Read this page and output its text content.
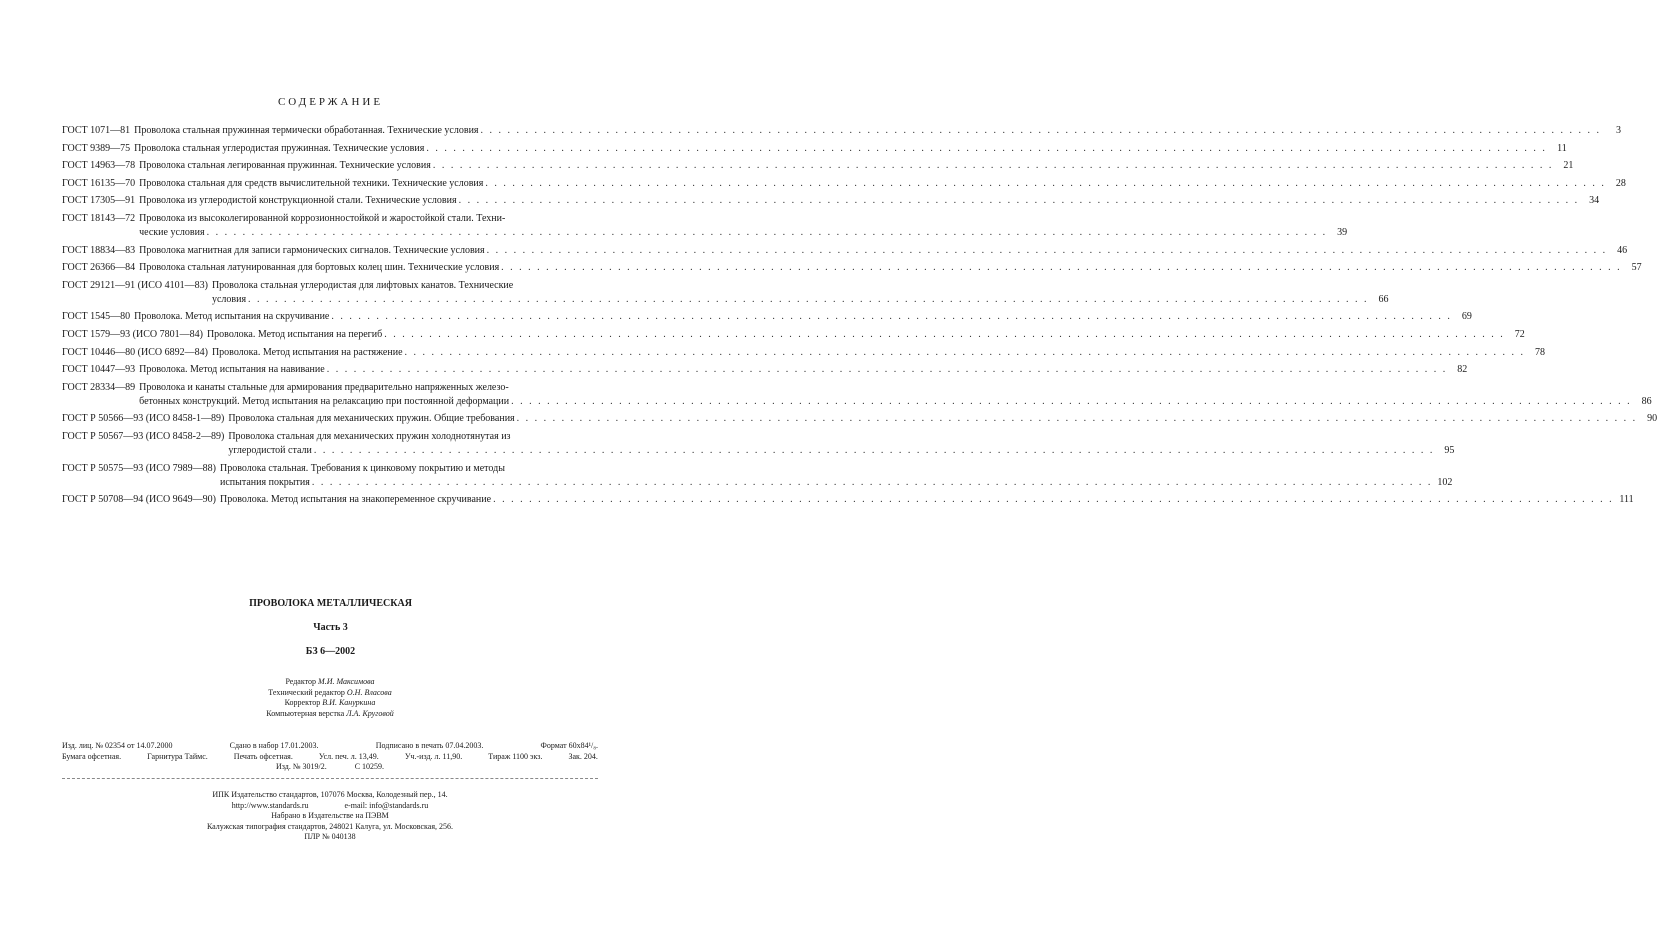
СОДЕРЖАНИЕ
ГОСТ 1071—81 Проволока стальная пружинная термически обработанная. Технические условия . . .	3
ГОСТ 9389—75 Проволока стальная углеродистая пружинная. Технические условия . . .	11
ГОСТ 14963—78 Проволока стальная легированная пружинная. Технические условия . . .	21
ГОСТ 16135—70 Проволока стальная для средств вычислительной техники. Технические условия . . .	28
ГОСТ 17305—91 Проволока из углеродистой конструкционной стали. Технические условия . . .	34
ГОСТ 18143—72 Проволока из высоколегированной коррозионностойкой и жаростойкой стали. Техни-
ческие условия . . .	39
ГОСТ 18834—83 Проволока магнитная для записи гармонических сигналов. Технические условия . . .	46
ГОСТ 26366—84 Проволока стальная латунированная для бортовых колец шин. Технические условия . . .	57
ГОСТ 29121—91 (ИСО 4101—83) Проволока стальная углеродистая для лифтовых канатов. Технические
условия . . .	66
ГОСТ 1545—80 Проволока. Метод испытания на скручивание . . .	69
ГОСТ 1579—93 (ИСО 7801—84) Проволока. Метод испытания на перегиб . . .	72
ГОСТ 10446—80 (ИСО 6892—84) Проволока. Метод испытания на растяжение . . .	78
ГОСТ 10447—93 Проволока. Метод испытания на навивание . . .	82
ГОСТ 28334—89 Проволока и канаты стальные для армирования предварительно напряженных железо-
бетонных конструкций. Метод испытания на релаксацию при постоянной деформации . . .	86
ГОСТ Р 50566—93 (ИСО 8458-1—89) Проволока стальная для механических пружин. Общие требования . . .	90
ГОСТ Р 50567—93 (ИСО 8458-2—89) Проволока стальная для механических пружин холоднотянутая из
углеродистой стали . . .	95
ГОСТ Р 50575—93 (ИСО 7989—88) Проволока стальная. Требования к цинковому покрытию и методы
испытания покрытия . . .	102
ГОСТ Р 50708—94 (ИСО 9649—90) Проволока. Метод испытания на знакопеременное скручивание . . .	111
ПРОВОЛОКА МЕТАЛЛИЧЕСКАЯ
Часть 3
БЗ 6—2002
Редактор М.И. Максимова
Технический редактор О.Н. Власова
Корректор В.И. Кануркина
Компьютерная верстка Л.А. Круговой
Изд. лиц. № 02354 от 14.07.2000	Сдано в набор 17.01.2003.	Подписано в печать 07.04.2003.	Формат 60x84¹/₈.
Бумага офсетная.	Гарнитура Таймс.	Печать офсетная.	Усл. печ. л. 13,49.	Уч.-изд. л. 11,90.	Тираж 1100 экз.	Зак. 204.
Изд. № 3019/2.	С 10259.
ИПК Издательство стандартов, 107076 Москва, Колодезный пер., 14.
http://www.standards.ru	e-mail: info@standards.ru
Набрано в Издательстве на ПЭВМ
Калужская типография стандартов, 248021 Калуга, ул. Московская, 256.
ПЛР № 040138
